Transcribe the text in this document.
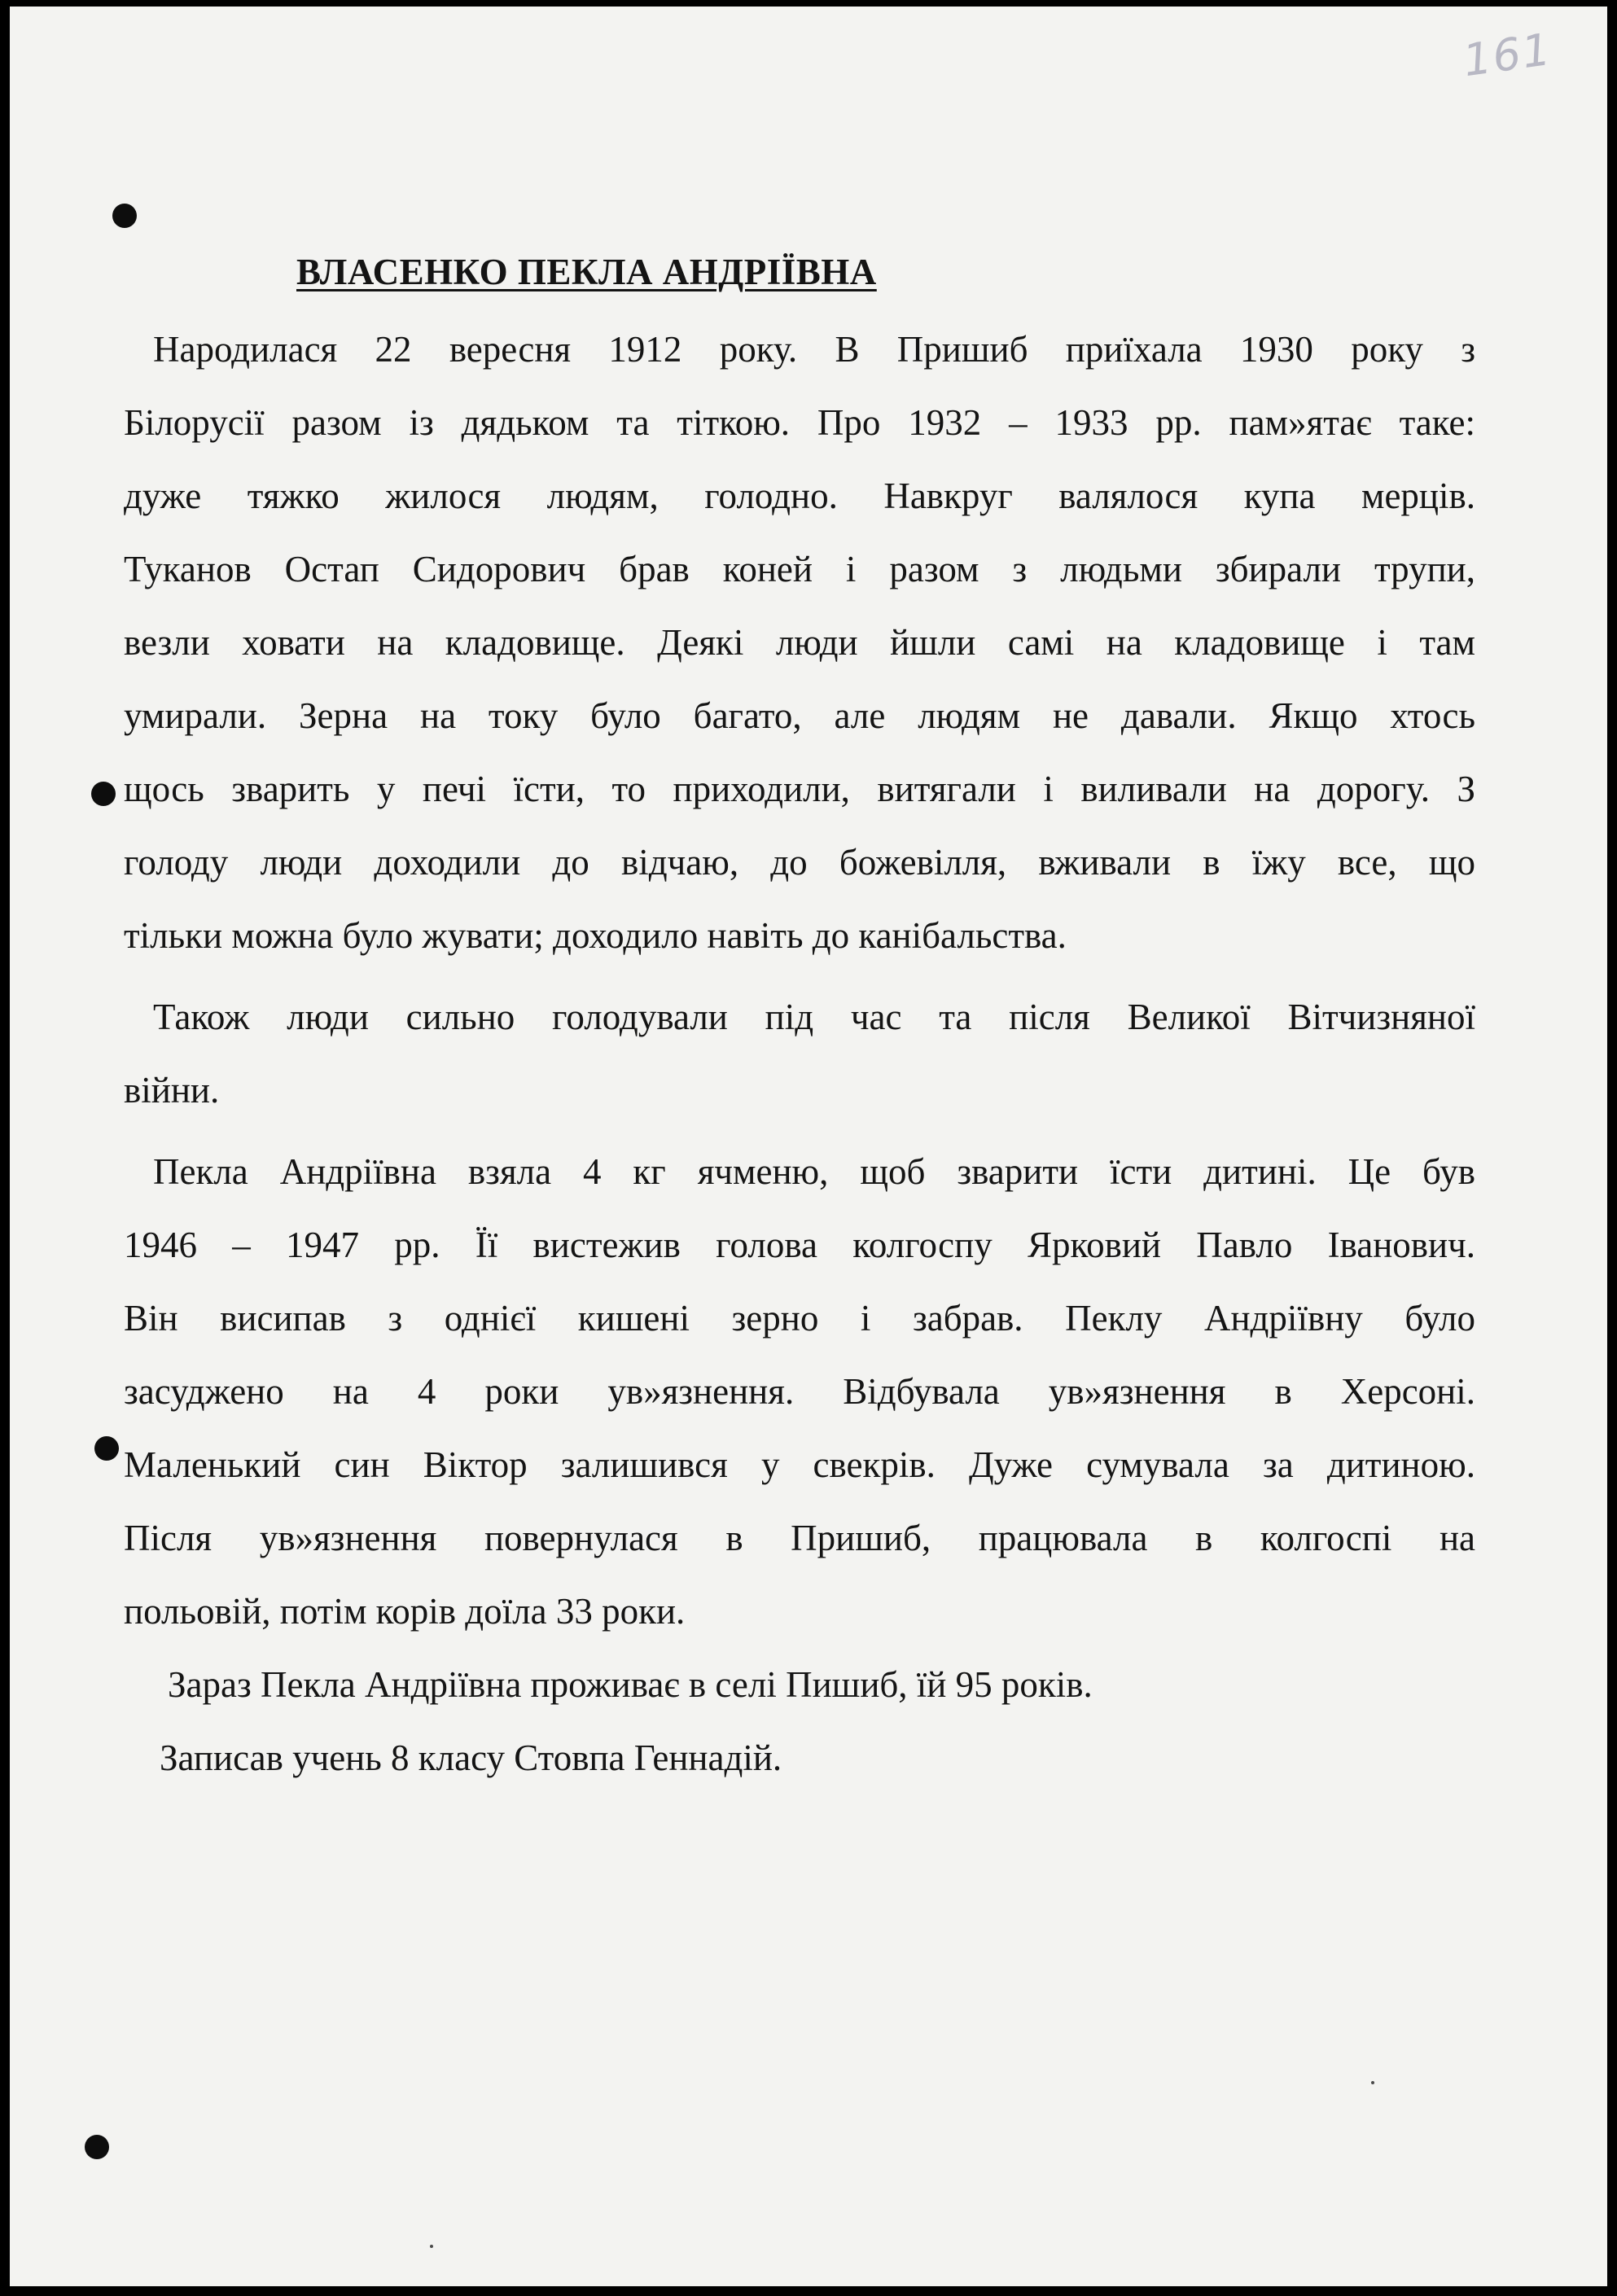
161
ВЛАСЕНКО ПЕКЛА АНДРІЇВНА
Народилася 22 вересня 1912 року. В Пришиб приїхала 1930 року з
Білорусії разом із дядьком та тіткою. Про 1932 – 1933 рр. пам»ятає таке:
дуже тяжко жилося людям, голодно. Навкруг валялося купа мерців.
Туканов Остап Сидорович брав коней і разом з людьми збирали трупи,
везли ховати на кладовище. Деякі люди йшли самі на кладовище і там
умирали. Зерна на току було багато, але людям не давали. Якщо хтось
щось зварить у печі їсти, то приходили, витягали і виливали на дорогу. З
голоду люди доходили до відчаю, до божевілля, вживали в їжу все, що
тільки можна було жувати; доходило навіть до канібальства.
Також люди сильно голодували під час та після Великої Вітчизняної
війни.
Пекла Андріївна взяла 4 кг ячменю, щоб зварити їсти дитині. Це був
1946 – 1947 рр. Її вистежив голова колгоспу Ярковий Павло Іванович.
Він висипав з однієї кишені зерно і забрав. Пеклу Андріївну було
засуджено на 4 роки ув»язнення. Відбувала ув»язнення в Херсоні.
Маленький син Віктор залишився у свекрів. Дуже сумувала за дитиною.
Після ув»язнення повернулася в Пришиб, працювала в колгоспі на
польовій, потім корів доїла 33 роки.
Зараз Пекла Андріївна проживає в селі Пишиб, їй 95 років.
Записав учень 8 класу Стовпа Геннадій.
